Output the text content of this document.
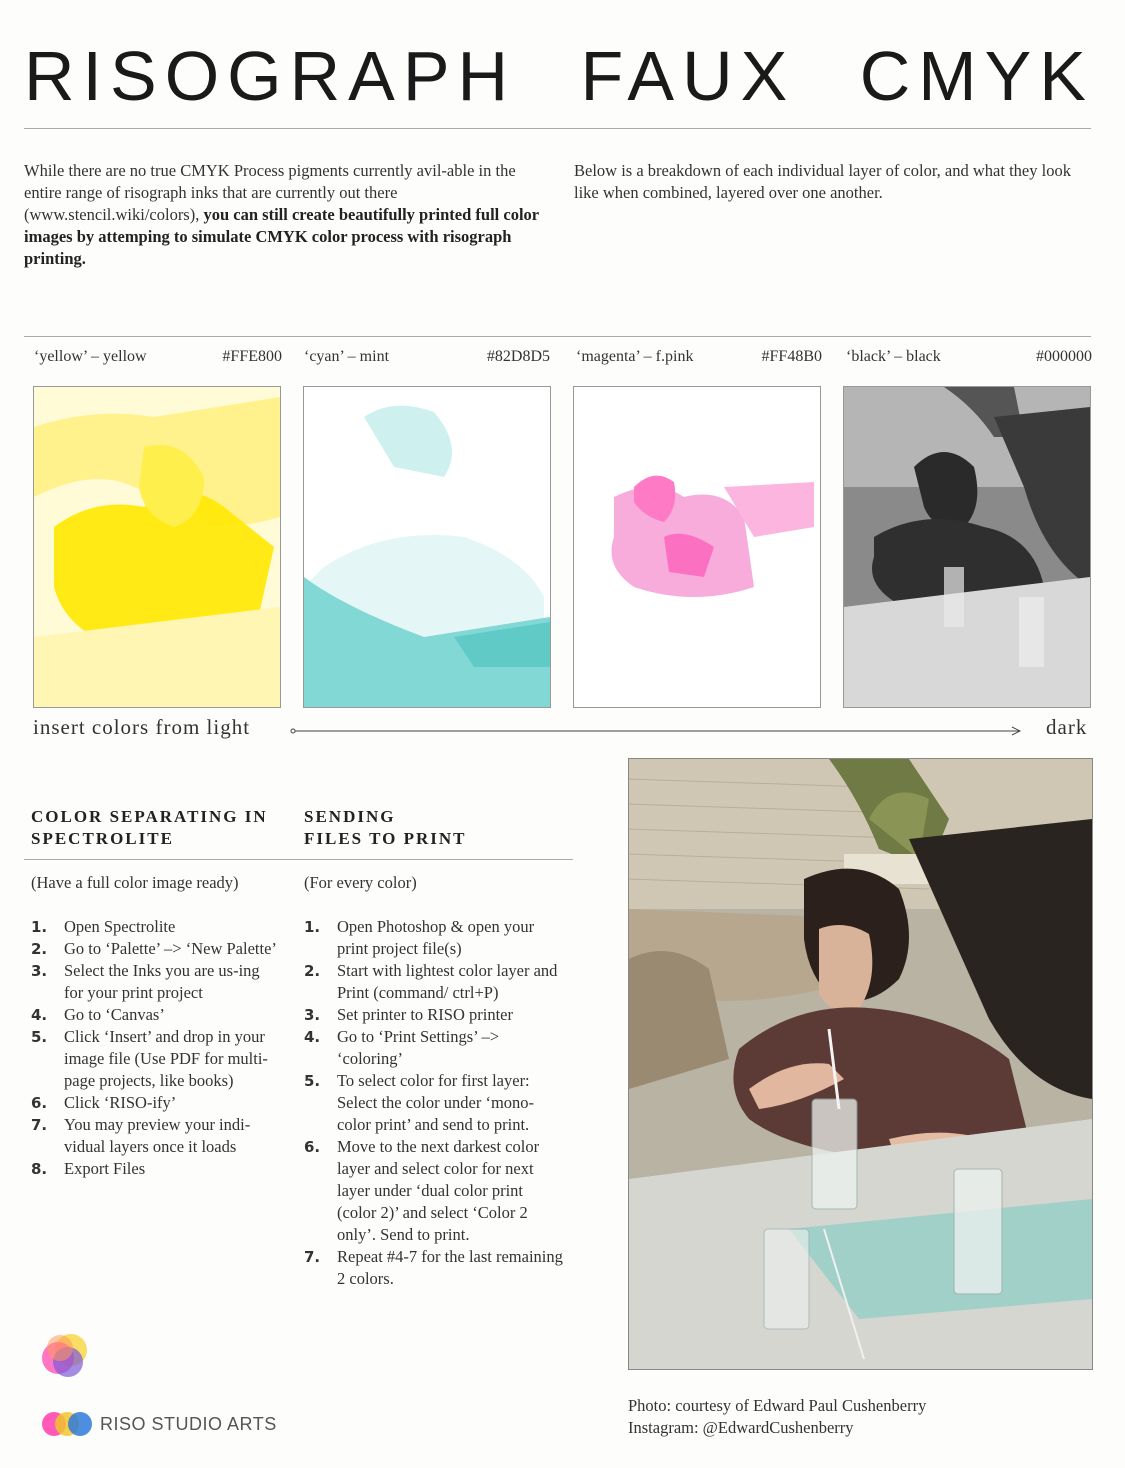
RISOGRAPH FAUX CMYK
While there are no true CMYK Process pigments currently avil-able in the entire range of risograph inks that are currently out there (www.stencil.wiki/colors), you can still create beautifully printed full color images by attemping to simulate CMYK color process with risograph printing.
Below is a breakdown of each individual layer of color, and what they look like when combined, layered over one another.
‘yellow’ – yellow	#FFE800 ‘cyan’ – mint	#82D8D5 ‘magenta’ – f.pink	#FF48B0 ‘black’ – black	#000000
insert colors from light	dark
COLOR SEPARATING IN
SPECTROLITE
SENDING
FILES TO PRINT
(Have a full color image ready)	(For every color)
1. Open Spectrolite
2. Go to ‘Palette’ –> ‘New Palette’
3. Select the Inks you are us-ing for your print project
4. Go to ‘Canvas’
5. Click ‘Insert’ and drop in your image file (Use PDF for multi-page projects, like books)
6. Click ‘RISO-ify’
7. You may preview your indi-vidual layers once it loads
8. Export Files
1. Open Photoshop & open your print project file(s)
2. Start with lightest color layer and Print (command/ ctrl+P)
3. Set printer to RISO printer
4. Go to ‘Print Settings’ –> ‘coloring’
5. To select color for first layer: Select the color under ‘mono-color print’ and send to print.
6. Move to the next darkest color layer and select color for next layer under ‘dual color print (color 2)’ and select ‘Color 2 only’. Send to print.
7. Repeat #4-7 for the last remaining 2 colors.
Photo: courtesy of Edward Paul Cushenberry
Instagram: @EdwardCushenberry
RISO STUDIO ARTS
